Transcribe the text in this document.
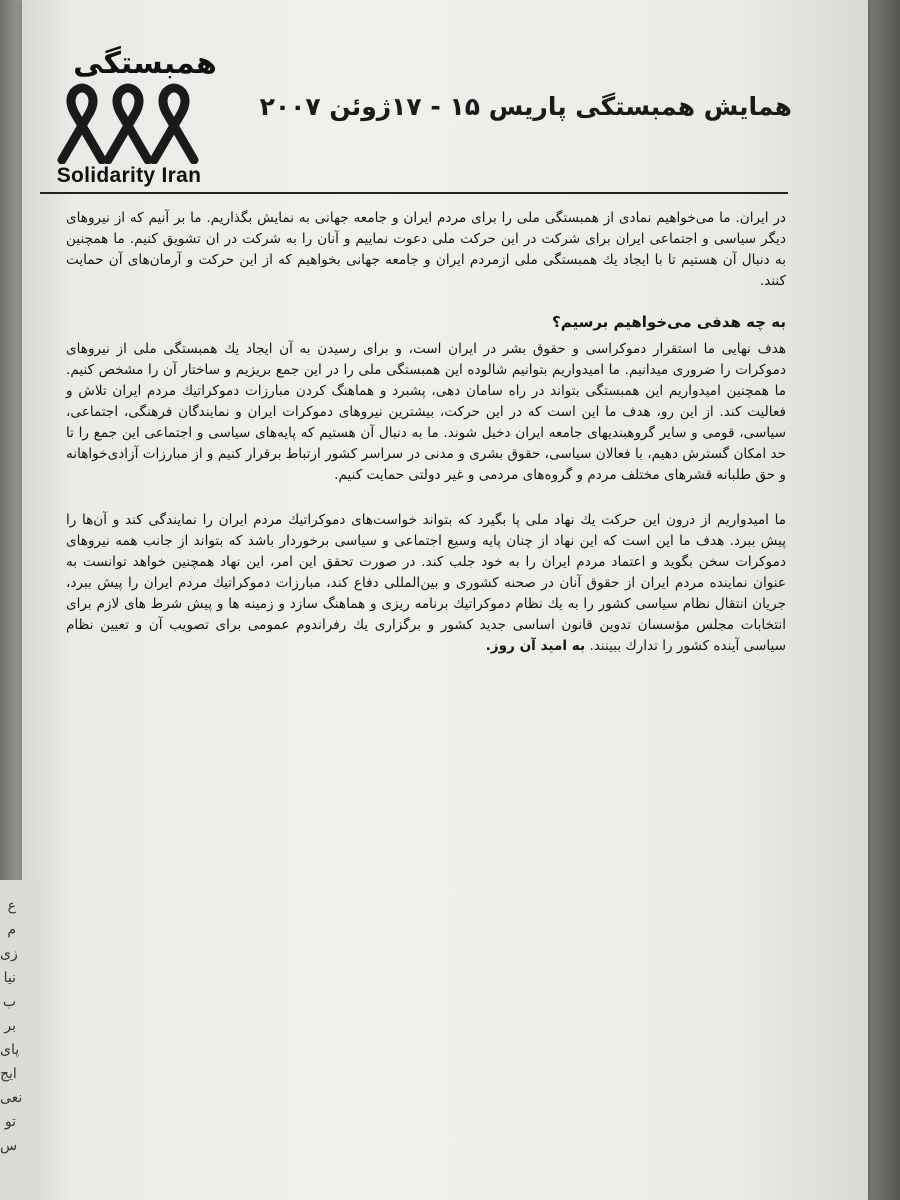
همبستگی
Solidarity Iran
همایش همبستگی پاریس ۱۵ - ۱۷ژوئن ۲۰۰۷

در ایران. ما می‌خواهیم نمادی از همبستگی ملی را برای مردم ایران و جامعه جهانی به نمایش بگذاریم. ما بر آنیم که از نیروهای دیگر سیاسی و اجتماعی ایران برای شرکت در این حرکت ملی دعوت نماییم و آنان را به شرکت در ان تشویق کنیم. ما همچنین به دنبال آن هستیم تا با ایجاد یك همبستگی ملی ازمردم ایران و جامعه جهانی بخواهیم که از این حرکت و آرمان‌های آن حمایت کنند.

به چه هدفی می‌خواهیم برسیم؟

هدف نهایی ما استقرار دموکراسی و حقوق بشر در ایران است، و برای رسیدن به آن ایجاد یك همبستگی ملی از نیروهای دموکرات را ضروری میدانیم. ما امیدواریم بتوانیم شالوده این همبستگی ملی را در این جمع بریزیم و ساختار آن را مشخص کنیم. ما همچنین امیدواریم این همبستگی بتواند در راه سامان دهی، پشبرد و هماهنگ کردن مبارزات دموکراتیك مردم ایران تلاش و فعالیت کند. از این رو، هدف ما این است که در این حرکت، بیشترین نیروهای دموکرات ایران و نمایندگان فرهنگی، اجتماعی، سیاسی، قومی و سایر گروهبندیهای جامعه ایران دخیل شوند. ما به دنبال آن هستیم که پایه‌های سیاسی و اجتماعی این جمع را تا حد امکان گسترش دهیم، با فعالان سیاسی، حقوق بشری و مدنی در سراسر کشور ارتباط برقرار کنیم و از مبارزات آزادی‌خواهانه و حق طلبانه قشرهای مختلف مردم و گروه‌های مردمی و غیر دولتی حمایت کنیم.

ما امیدواریم از درون این حرکت یك نهاد ملی پا بگیرد که بتواند خواست‌های دموکراتیك مردم ایران را نمایندگی کند و آن‌ها را پیش ببرد. هدف ما این است که این نهاد از چنان پایه وسیع اجتماعی و سیاسی برخوردار باشد که بتواند از جانب همه نیروهای دموکرات سخن بگوید و اعتماد مردم ایران را به خود جلب کند. در صورت تحقق این امر، این نهاد همچنین خواهد توانست به عنوان نماینده مردم ایران از حقوق آنان در صحنه کشوری و بین‌المللی دفاع کند، مبارزات دموکراتیك مردم ایران را پیش ببرد، جریان انتقال نظام سیاسی کشور را به یك نظام دموکراتیك برنامه ریزی و هماهنگ سازد و زمینه ها و پیش شرط های لازم برای انتخابات مجلس مؤسسان تدوین قانون اساسی جدید کشور و برگزاری یك رفراندوم عمومی برای تصویب آن و تعیین نظام سیاسی آینده کشور را تدارك ببینند. به امید آن روز.

ع
م
زی
نیا
ب
بر
پای
ایج
نعی
تو
س
